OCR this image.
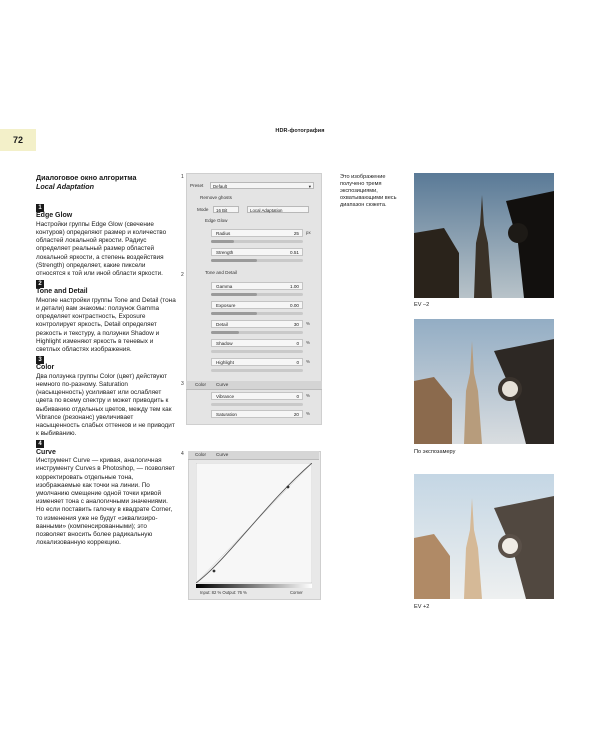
72
HDR-фотография
Диалоговое окно алгоритма
Local Adaptation
1
Edge Glow
Настройки группы Edge Glow (свечение контуров) определяют размер и количество областей локальной яркости. Радиус определяет реальный размер областей локальной яркости, а степень воздействия (Strength) определяет, какие пиксели относятся к той или иной области яркости.
2
Tone and Detail
Многие настройки группы Tone and Detail (тона и детали) вам знакомы: ползунок Gamma определяет контрастность, Exposure контролирует яркость, Detail определяет резкость и текстуру, а ползунки Shadow и Highlight изменяют яркость в теневых и светлых областях изображения.
3
Color
Два ползунка группы Color (цвет) действуют немного по-разному. Saturation (насыщенность) усиливает или ослабляет цвета по всему спектру и может приводить к выбиванию отдельных цветов, между тем как Vibrance (резонанс) увеличивает насыщенность слабых оттенков и не приводит к выбиванию.
4
Curve
Инструмент Curve — кривая, аналогичная инструменту Curves в Photoshop, — позволяет корректировать отдельные тона, изображаемые как точки на линии. По умолчанию смещение одной точки кривой изменяет тона с аналогичными значениями. Но если поставить галочку в квадрате Corner, то изменения уже не будут «эквализированными» (компенсированными); это позволяет вносить более радикальную локализованную коррекцию.
1
2
3
4
Preset	Default	▾
Remove ghosts
Mode	16 Bit	Local Adaptation
Edge Glow
Radius	25 px
Strength	0.51
Tone and Detail
Gamma	1.00
Exposure	0.00
Detail	30 %
Shadow	0 %
Highlight	0 %
Color Curve
Vibrance	0 %
Saturation	20 %
Color Curve
Input: 82 % Output: 76 %	Corner
Это изображение получено тремя экспозициями, охватывающими весь диапазон сюжета.
EV –2
По экспозамеру
EV +2
